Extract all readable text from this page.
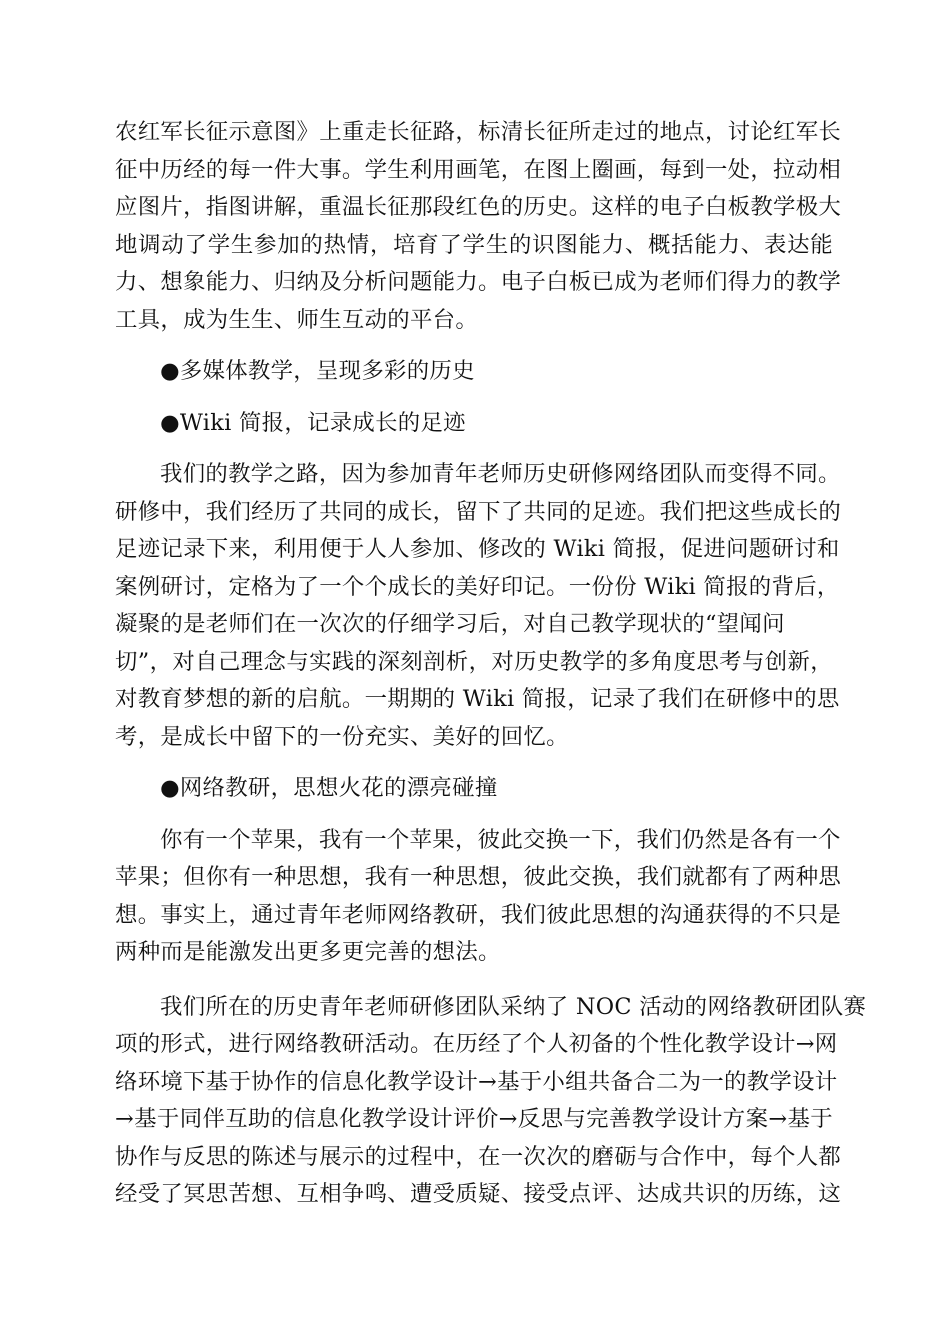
农红军长征示意图》上重走长征路，标清长征所走过的地点，讨论红军长
征中历经的每一件大事。学生利用画笔，在图上圈画，每到一处，拉动相
应图片，指图讲解，重温长征那段红色的历史。这样的电子白板教学极大
地调动了学生参加的热情，培育了学生的识图能力、概括能力、表达能
力、想象能力、归纳及分析问题能力。电子白板已成为老师们得力的教学
工具，成为生生、师生互动的平台。

●多媒体教学，呈现多彩的历史

●Wiki 简报，记录成长的足迹

我们的教学之路，因为参加青年老师历史研修网络团队而变得不同。
研修中，我们经历了共同的成长，留下了共同的足迹。我们把这些成长的
足迹记录下来，利用便于人人参加、修改的 Wiki 简报，促进问题研讨和
案例研讨，定格为了一个个成长的美好印记。一份份 Wiki 简报的背后，
凝聚的是老师们在一次次的仔细学习后，对自己教学现状的“望闻问
切”，对自己理念与实践的深刻剖析，对历史教学的多角度思考与创新，
对教育梦想的新的启航。一期期的 Wiki 简报，记录了我们在研修中的思
考，是成长中留下的一份充实、美好的回忆。

●网络教研，思想火花的漂亮碰撞

你有一个苹果，我有一个苹果，彼此交换一下，我们仍然是各有一个
苹果；但你有一种思想，我有一种思想，彼此交换，我们就都有了两种思
想。事实上，通过青年老师网络教研，我们彼此思想的沟通获得的不只是
两种而是能激发出更多更完善的想法。
我们所在的历史青年老师研修团队采纳了 NOC 活动的网络教研团队赛
项的形式，进行网络教研活动。在历经了个人初备的个性化教学设计→网
络环境下基于协作的信息化教学设计→基于小组共备合二为一的教学设计
→基于同伴互助的信息化教学设计评价→反思与完善教学设计方案→基于
协作与反思的陈述与展示的过程中，在一次次的磨砺与合作中，每个人都
经受了冥思苦想、互相争鸣、遭受质疑、接受点评、达成共识的历练，这
